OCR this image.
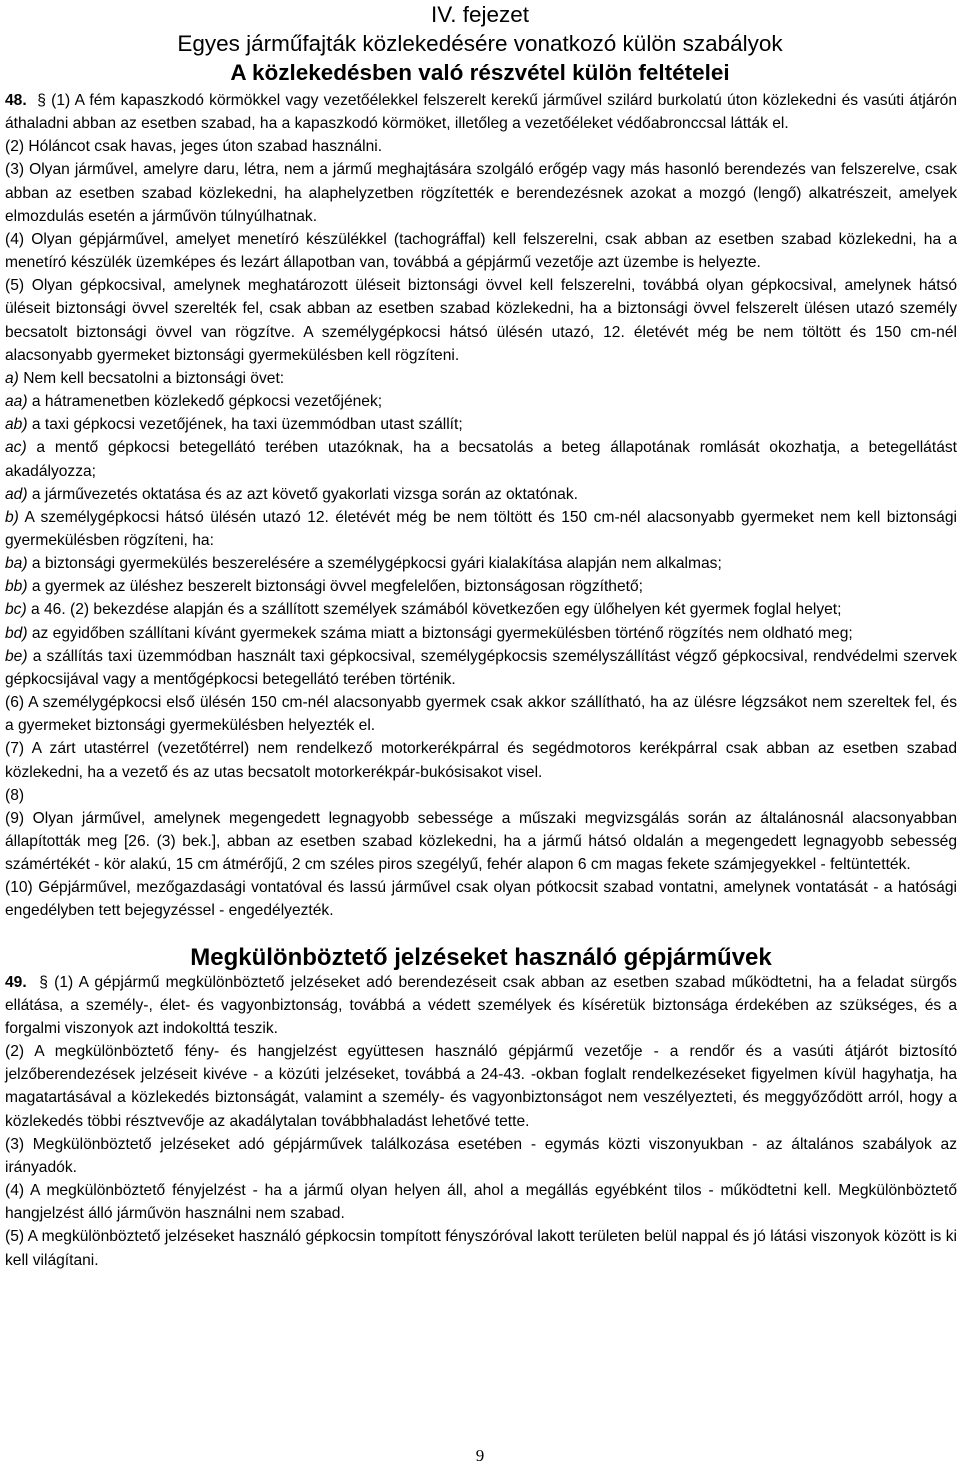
IV. fejezet
Egyes járműfajták közlekedésére vonatkozó külön szabályok
A közlekedésben való részvétel külön feltételei

48.  § (1) A fém kapaszkodó körmökkel vagy vezetőélekkel felszerelt kerekű járművel szilárd burkolatú úton közlekedni és vasúti átjárón áthaladni abban az esetben szabad, ha a kapaszkodó körmöket, illetőleg a vezetőéleket védőabronccsal látták el.

(2) Hóláncot csak havas, jeges úton szabad használni.

(3) Olyan járművel, amelyre daru, létra, nem a jármű meghajtására szolgáló erőgép vagy más hasonló berendezés van felszerelve, csak abban az esetben szabad közlekedni, ha alaphelyzetben rögzítették e berendezésnek azokat a mozgó (lengő) alkatrészeit, amelyek elmozdulás esetén a járművön túlnyúlhatnak.

(4) Olyan gépjárművel, amelyet menetíró készülékkel (tachográffal) kell felszerelni, csak abban az esetben szabad közlekedni, ha a menetíró készülék üzemképes és lezárt állapotban van, továbbá a gépjármű vezetője azt üzembe is helyezte.

(5) Olyan gépkocsival, amelynek meghatározott üléseit biztonsági övvel kell felszerelni, továbbá olyan gépkocsival, amelynek hátsó üléseit biztonsági övvel szerelték fel, csak abban az esetben szabad közlekedni, ha a biztonsági övvel felszerelt ülésen utazó személy becsatolt biztonsági övvel van rögzítve. A személygépkocsi hátsó ülésén utazó, 12. életévét még be nem töltött és 150 cm-nél alacsonyabb gyermeket biztonsági gyermekülésben kell rögzíteni.

a) Nem kell becsatolni a biztonsági övet:

aa) a hátramenetben közlekedő gépkocsi vezetőjének;

ab) a taxi gépkocsi vezetőjének, ha taxi üzemmódban utast szállít;

ac) a mentő gépkocsi betegellátó terében utazóknak, ha a becsatolás a beteg állapotának romlását okozhatja, a betegellátást akadályozza;

ad) a járművezetés oktatása és az azt követő gyakorlati vizsga során az oktatónak.

b) A személygépkocsi hátsó ülésén utazó 12. életévét még be nem töltött és 150 cm-nél alacsonyabb gyermeket nem kell biztonsági gyermekülésben rögzíteni, ha:

ba) a biztonsági gyermekülés beszerelésére a személygépkocsi gyári kialakítása alapján nem alkalmas;

bb) a gyermek az üléshez beszerelt biztonsági övvel megfelelően, biztonságosan rögzíthető;

bc) a 46. (2) bekezdése alapján és a szállított személyek számából következően egy ülőhelyen két gyermek foglal helyet;

bd) az egyidőben szállítani kívánt gyermekek száma miatt a biztonsági gyermekülésben történő rögzítés nem oldható meg;

be) a szállítás taxi üzemmódban használt taxi gépkocsival, személygépkocsis személyszállítást végző gépkocsival, rendvédelmi szervek gépkocsijával vagy a mentőgépkocsi betegellátó terében történik.

(6) A személygépkocsi első ülésén 150 cm-nél alacsonyabb gyermek csak akkor szállítható, ha az ülésre légzsákot nem szereltek fel, és a gyermeket biztonsági gyermekülésben helyezték el.

(7) A zárt utastérrel (vezetőtérrel) nem rendelkező motorkerékpárral és segédmotoros kerékpárral csak abban az esetben szabad közlekedni, ha a vezető és az utas becsatolt motorkerékpár-bukósisakot visel.

(8)

(9) Olyan járművel, amelynek megengedett legnagyobb sebessége a műszaki megvizsgálás során az általánosnál alacsonyabban állapították meg [26. (3) bek.], abban az esetben szabad közlekedni, ha a jármű hátsó oldalán a megengedett legnagyobb sebesség számértékét - kör alakú, 15 cm átmérőjű, 2 cm széles piros szegélyű, fehér alapon 6 cm magas fekete számjegyekkel - feltüntették.

(10) Gépjárművel, mezőgazdasági vontatóval és lassú járművel csak olyan pótkocsit szabad vontatni, amelynek vontatását - a hatósági engedélyben tett bejegyzéssel - engedélyezték.

Megkülönböztető jelzéseket használó gépjárművek

49.  § (1) A gépjármű megkülönböztető jelzéseket adó berendezéseit csak abban az esetben szabad működtetni, ha a feladat sürgős ellátása, a személy-, élet- és vagyonbiztonság, továbbá a védett személyek és kíséretük biztonsága érdekében az szükséges, és a forgalmi viszonyok azt indokolttá teszik.

(2) A megkülönböztető fény- és hangjelzést együttesen használó gépjármű vezetője - a rendőr és a vasúti átjárót biztosító jelzőberendezések jelzéseit kivéve - a közúti jelzéseket, továbbá a 24-43. -okban foglalt rendelkezéseket figyelmen kívül hagyhatja, ha magatartásával a közlekedés biztonságát, valamint a személy- és vagyonbiztonságot nem veszélyezteti, és meggyőződött arról, hogy a közlekedés többi résztvevője az akadálytalan továbbhaladást lehetővé tette.

(3) Megkülönböztető jelzéseket adó gépjárművek találkozása esetében - egymás közti viszonyukban - az általános szabályok az irányadók.

(4) A megkülönböztető fényjelzést - ha a jármű olyan helyen áll, ahol a megállás egyébként tilos - működtetni kell. Megkülönböztető hangjelzést álló járművön használni nem szabad.

(5) A megkülönböztető jelzéseket használó gépkocsin tompított fényszóróval lakott területen belül nappal és jó látási viszonyok között is ki kell világítani.

9
